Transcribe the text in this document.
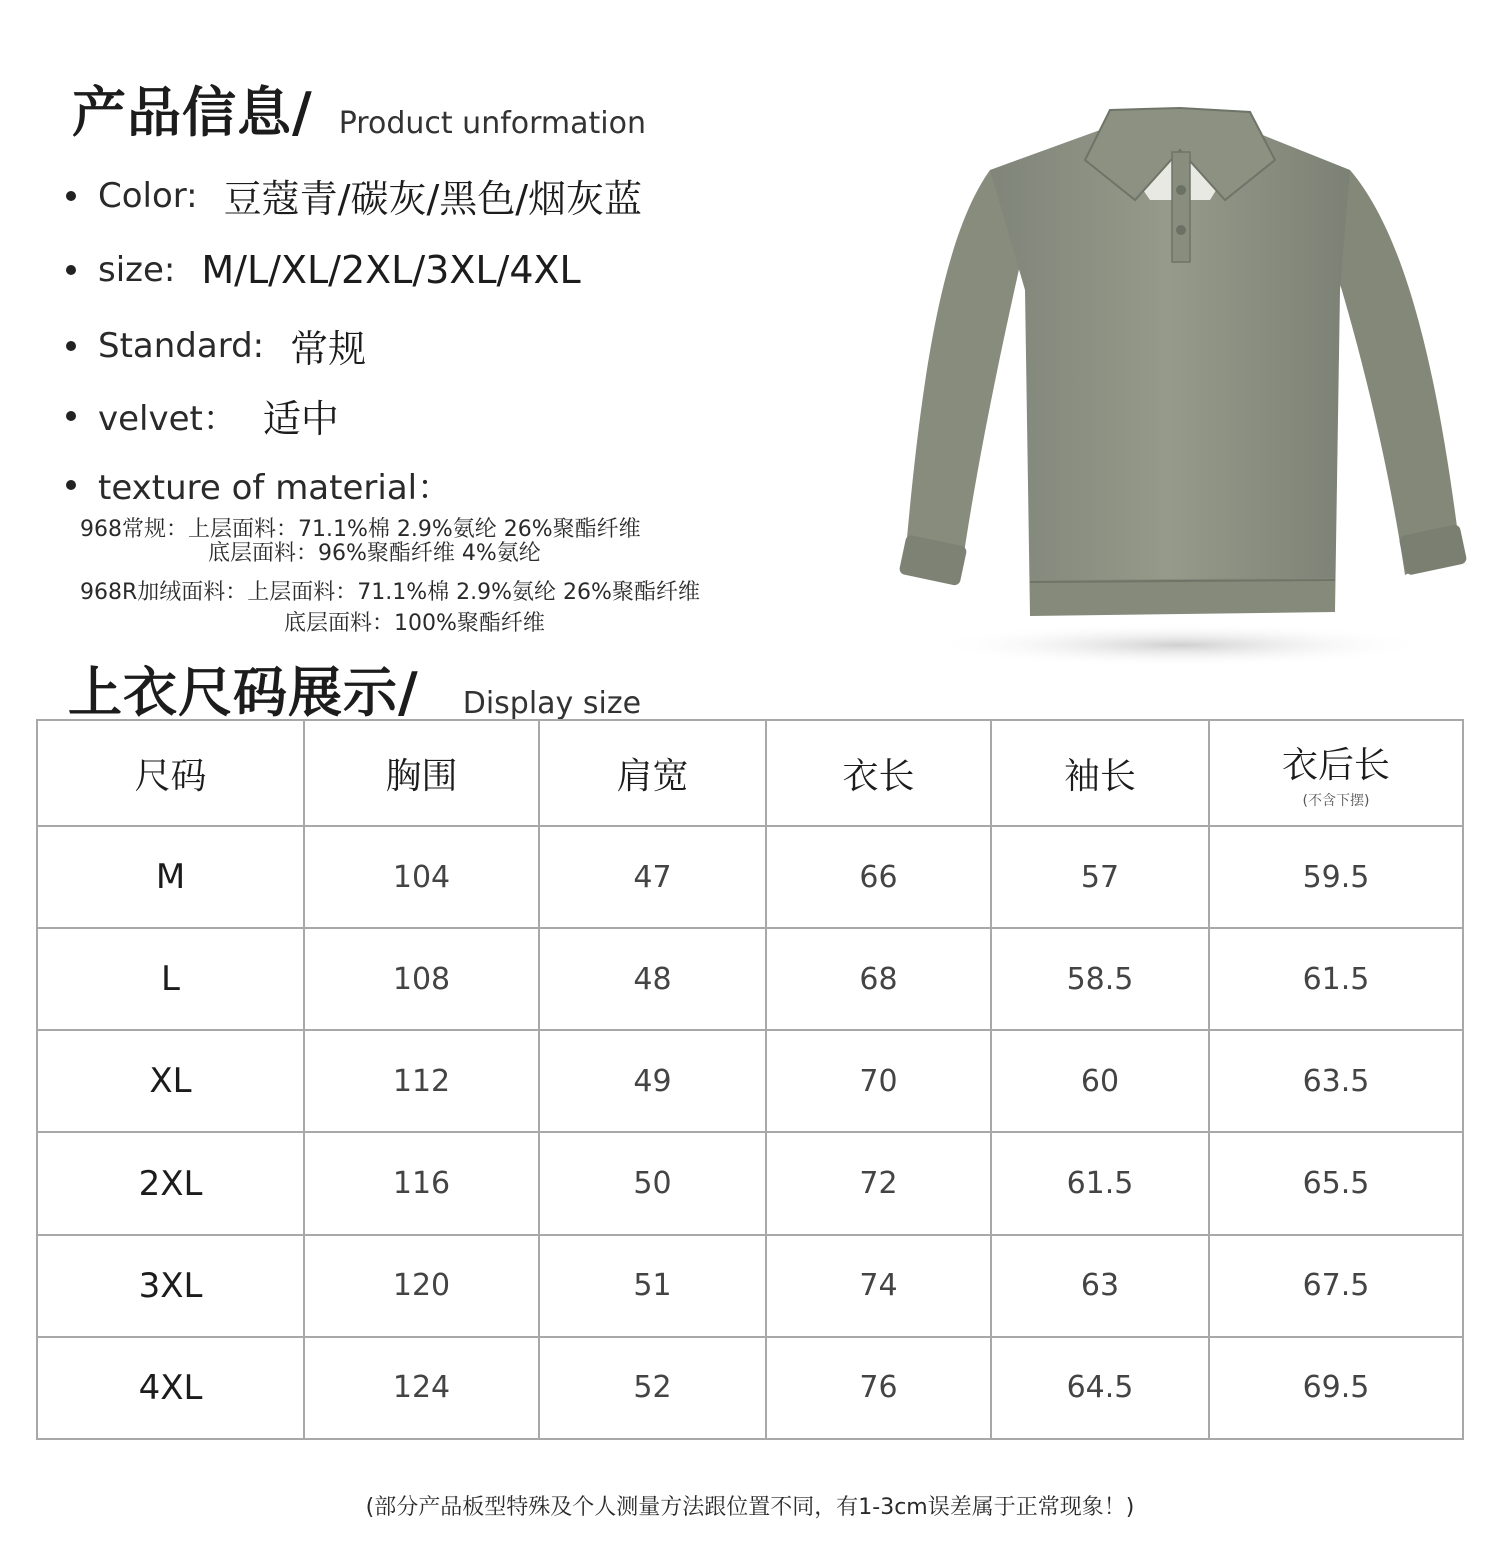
产品信息/ Product unformation
Color: 豆蔻青/碳灰/黑色/烟灰蓝
size: M/L/XL/2XL/3XL/4XL
Standard: 常规
velvet： 适中
texture of material：
968常规：上层面料：71.1%棉 2.9%氨纶 26%聚酯纤维
底层面料：96%聚酯纤维 4%氨纶
968R加绒面料：上层面料：71.1%棉 2.9%氨纶 26%聚酯纤维
底层面料：100%聚酯纤维
上衣尺码展示/ Display size
尺码	胸围	肩宽	衣长	袖长	衣后长
(不含下摆)

M	104	47	66	57	59.5
L	108	48	68	58.5	61.5
XL	112	49	70	60	63.5
2XL	116	50	72	61.5	65.5
3XL	120	51	74	63	67.5
4XL	124	52	76	64.5	69.5
(部分产品板型特殊及个人测量方法跟位置不同，有1-3cm误差属于正常现象！)
